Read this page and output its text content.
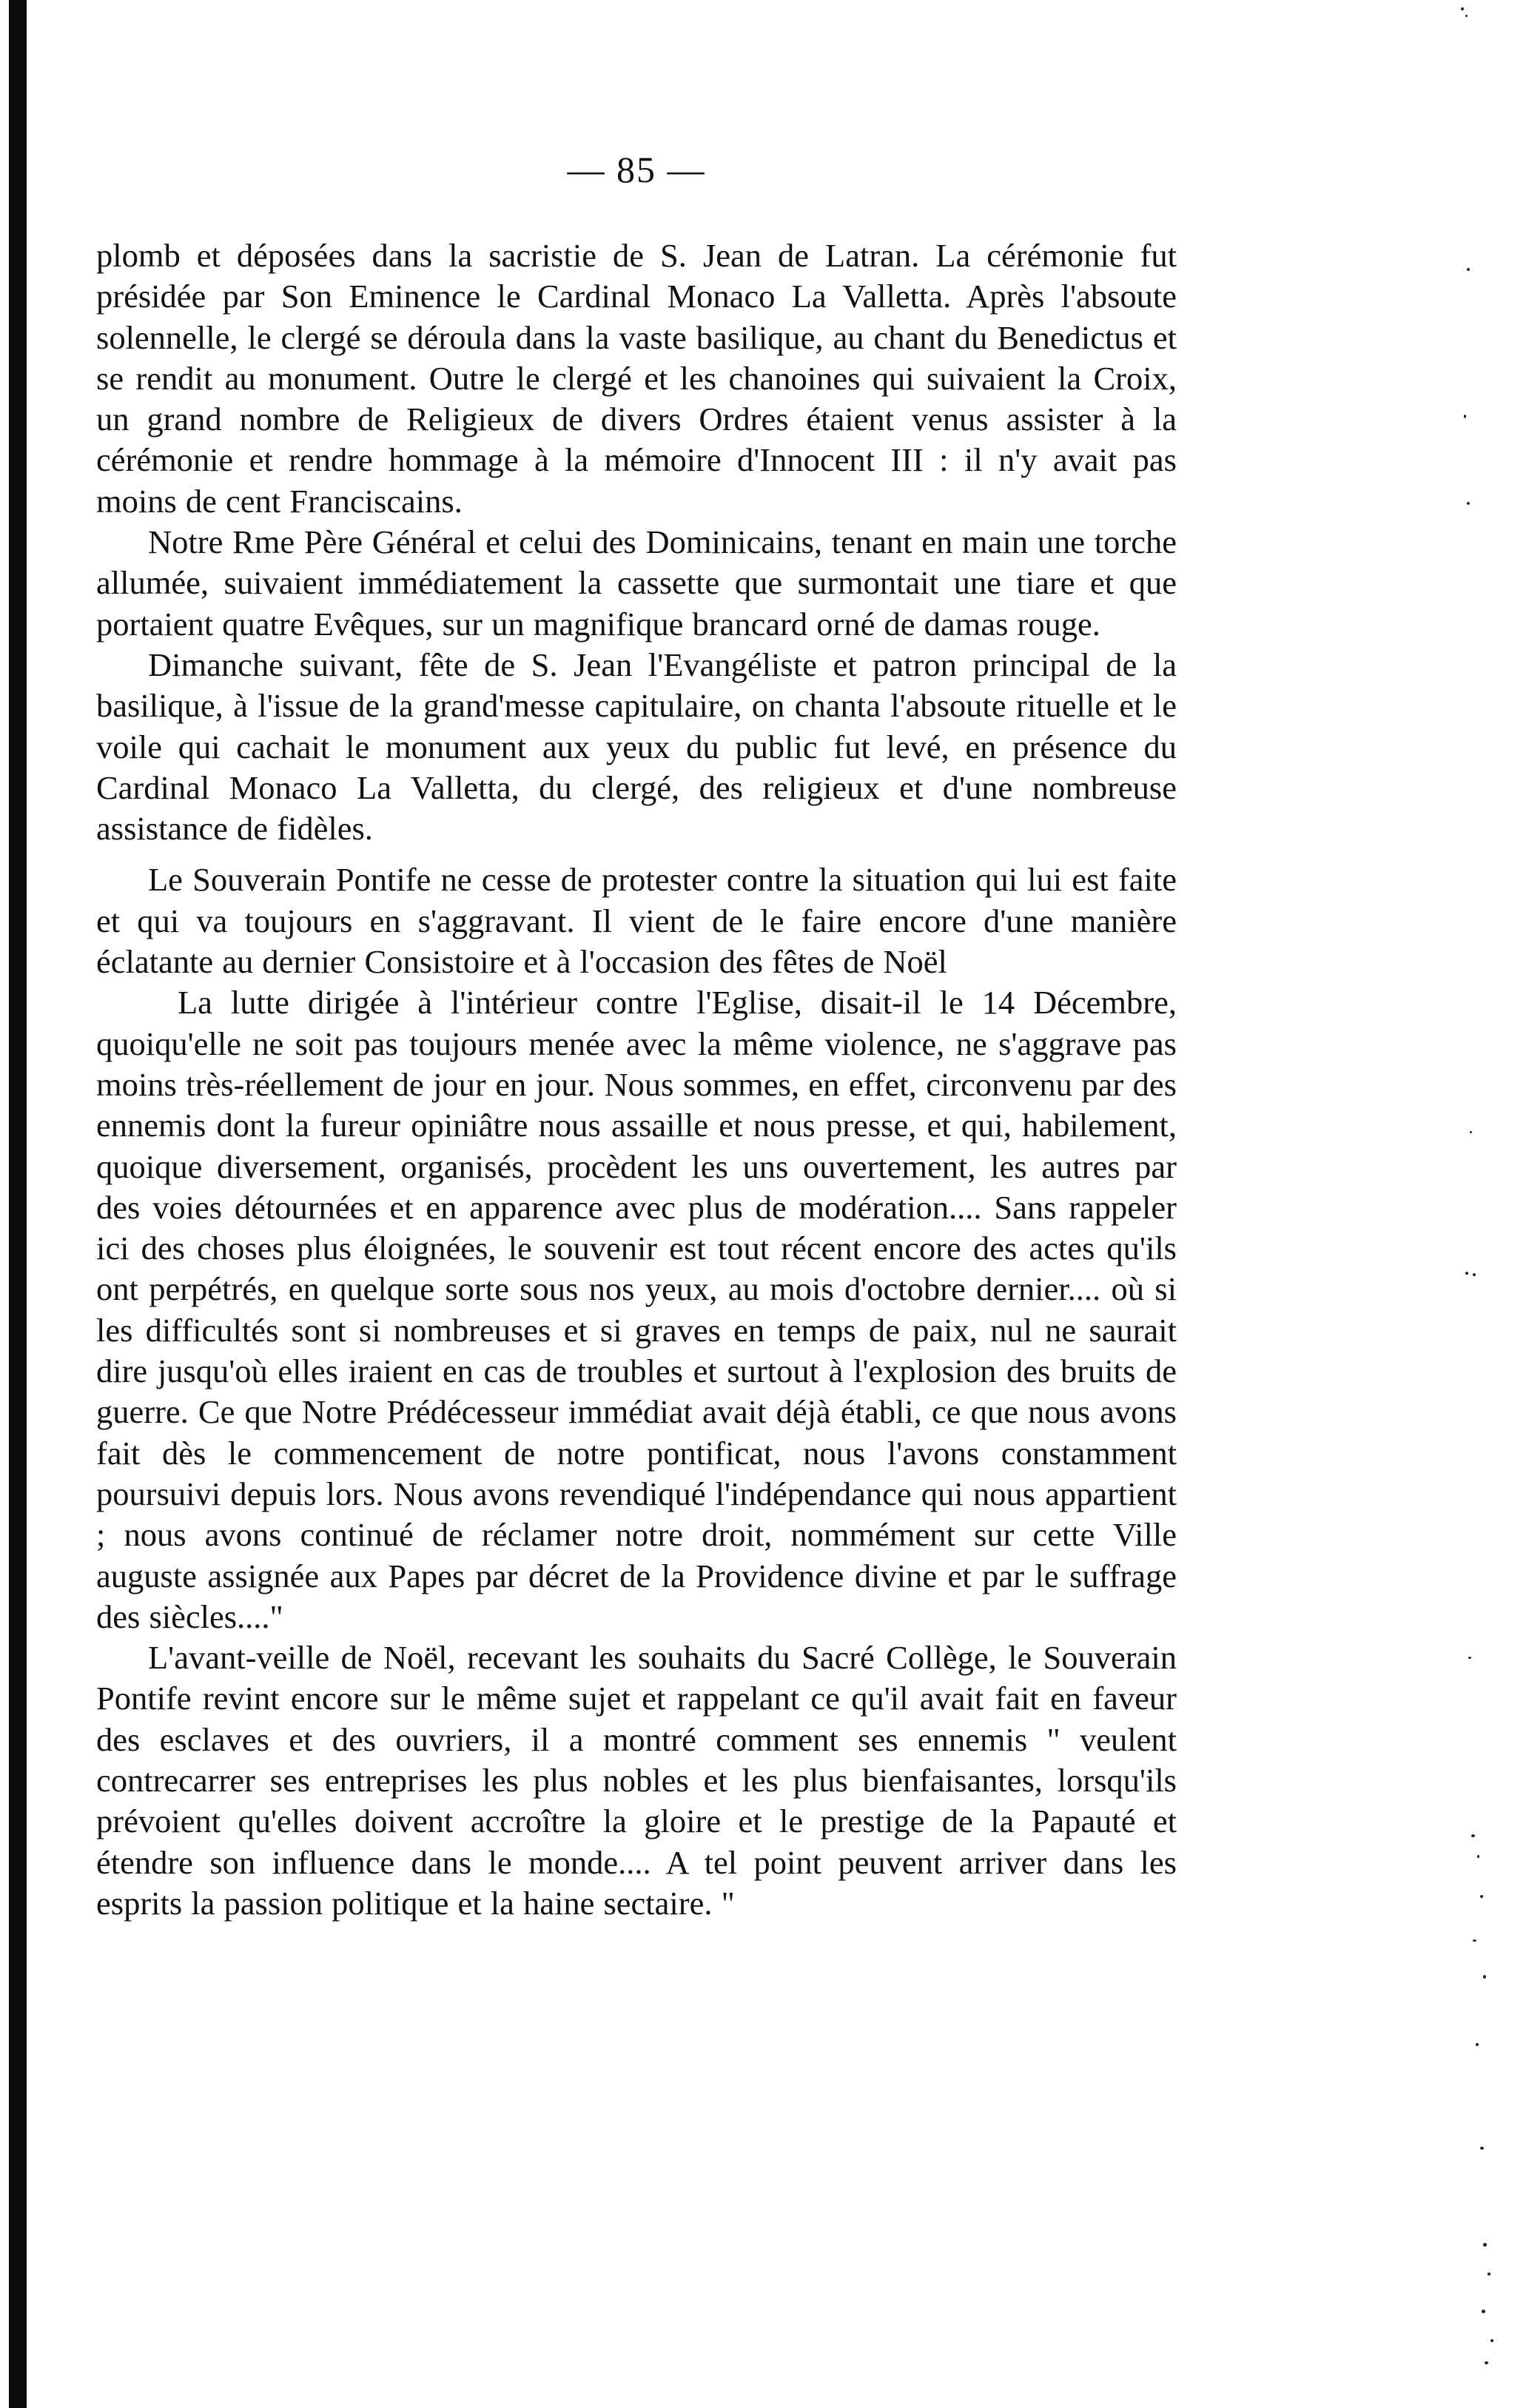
— 85 —

plomb et déposées dans la sacristie de S. Jean de Latran. La cérémonie fut présidée par Son Eminence le Cardinal Monaco La Valletta. Après l'absoute solennelle, le clergé se déroula dans la vaste basilique, au chant du Benedictus et se rendit au monument. Outre le clergé et les chanoines qui suivaient la Croix, un grand nombre de Religieux de divers Ordres étaient venus assister à la cérémonie et rendre hommage à la mémoire d'Innocent III : il n'y avait pas moins de cent Franciscains.

Notre Rme Père Général et celui des Dominicains, tenant en main une torche allumée, suivaient immédiatement la cassette que surmontait une tiare et que portaient quatre Evêques, sur un magnifique brancard orné de damas rouge.

Dimanche suivant, fête de S. Jean l'Evangéliste et patron principal de la basilique, à l'issue de la grand'messe capitulaire, on chanta l'absoute rituelle et le voile qui cachait le monument aux yeux du public fut levé, en présence du Cardinal Monaco La Valletta, du clergé, des religieux et d'une nombreuse assistance de fidèles.

Le Souverain Pontife ne cesse de protester contre la situation qui lui est faite et qui va toujours en s'aggravant. Il vient de le faire encore d'une manière éclatante au dernier Consistoire et à l'occasion des fêtes de Noël

La lutte dirigée à l'intérieur contre l'Eglise, disait-il le 14 Décembre, quoiqu'elle ne soit pas toujours menée avec la même violence, ne s'aggrave pas moins très-réellement de jour en jour. Nous sommes, en effet, circonvenu par des ennemis dont la fureur opiniâtre nous assaille et nous presse, et qui, habilement, quoique diversement, organisés, procèdent les uns ouvertement, les autres par des voies détournées et en apparence avec plus de modération.... Sans rappeler ici des choses plus éloignées, le souvenir est tout récent encore des actes qu'ils ont perpétrés, en quelque sorte sous nos yeux, au mois d'octobre dernier.... où si les difficultés sont si nombreuses et si graves en temps de paix, nul ne saurait dire jusqu'où elles iraient en cas de troubles et surtout à l'explosion des bruits de guerre. Ce que Notre Prédécesseur immédiat avait déjà établi, ce que nous avons fait dès le commencement de notre pontificat, nous l'avons constamment poursuivi depuis lors. Nous avons revendiqué l'indépendance qui nous appartient ; nous avons continué de réclamer notre droit, nommément sur cette Ville auguste assignée aux Papes par décret de la Providence divine et par le suffrage des siècles...."

L'avant-veille de Noël, recevant les souhaits du Sacré Collège, le Souverain Pontife revint encore sur le même sujet et rappelant ce qu'il avait fait en faveur des esclaves et des ouvriers, il a montré comment ses ennemis " veulent contrecarrer ses entreprises les plus nobles et les plus bienfaisantes, lorsqu'ils prévoient qu'elles doivent accroître la gloire et le prestige de la Papauté et étendre son influence dans le monde.... A tel point peuvent arriver dans les esprits la passion politique et la haine sectaire. "
